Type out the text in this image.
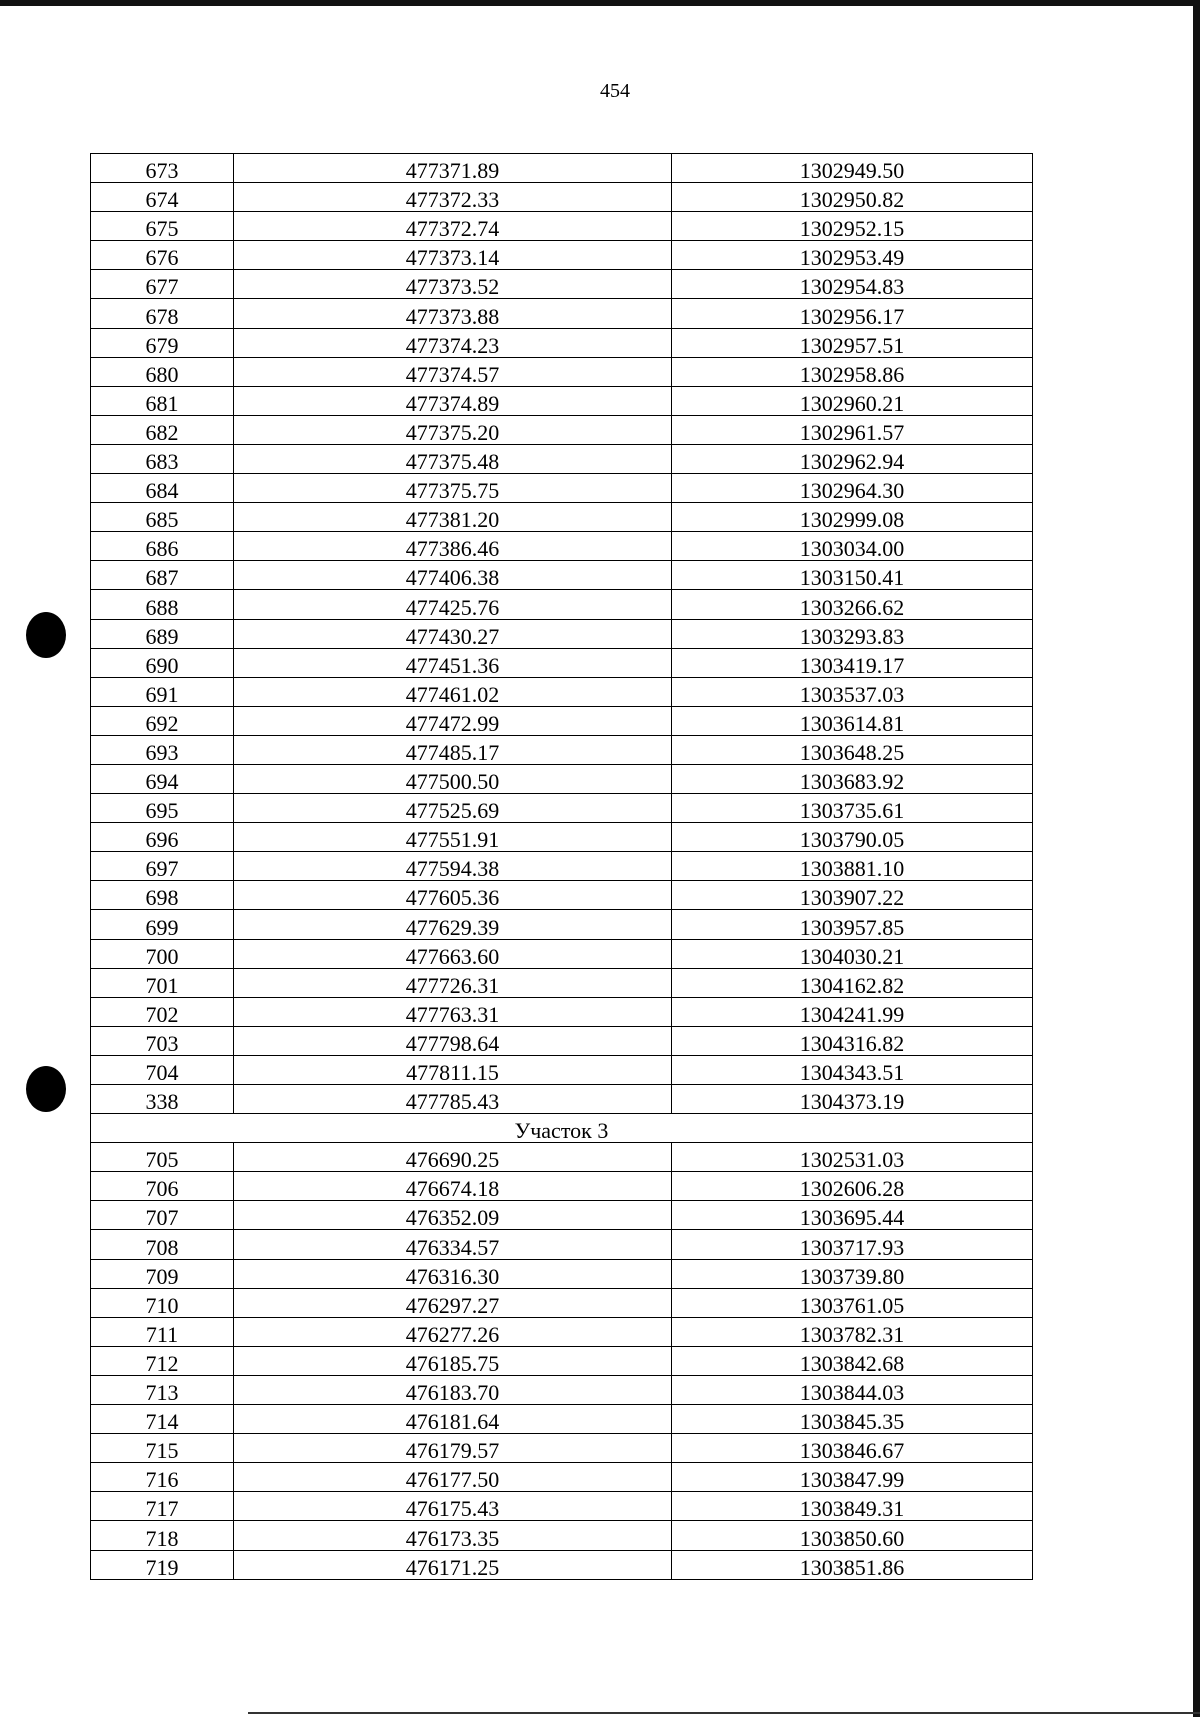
454
673	477371.89	1302949.50
674	477372.33	1302950.82
675	477372.74	1302952.15
676	477373.14	1302953.49
677	477373.52	1302954.83
678	477373.88	1302956.17
679	477374.23	1302957.51
680	477374.57	1302958.86
681	477374.89	1302960.21
682	477375.20	1302961.57
683	477375.48	1302962.94
684	477375.75	1302964.30
685	477381.20	1302999.08
686	477386.46	1303034.00
687	477406.38	1303150.41
688	477425.76	1303266.62
689	477430.27	1303293.83
690	477451.36	1303419.17
691	477461.02	1303537.03
692	477472.99	1303614.81
693	477485.17	1303648.25
694	477500.50	1303683.92
695	477525.69	1303735.61
696	477551.91	1303790.05
697	477594.38	1303881.10
698	477605.36	1303907.22
699	477629.39	1303957.85
700	477663.60	1304030.21
701	477726.31	1304162.82
702	477763.31	1304241.99
703	477798.64	1304316.82
704	477811.15	1304343.51
338	477785.43	1304373.19
Участок 3		
705	476690.25	1302531.03
706	476674.18	1302606.28
707	476352.09	1303695.44
708	476334.57	1303717.93
709	476316.30	1303739.80
710	476297.27	1303761.05
711	476277.26	1303782.31
712	476185.75	1303842.68
713	476183.70	1303844.03
714	476181.64	1303845.35
715	476179.57	1303846.67
716	476177.50	1303847.99
717	476175.43	1303849.31
718	476173.35	1303850.60
719	476171.25	1303851.86
